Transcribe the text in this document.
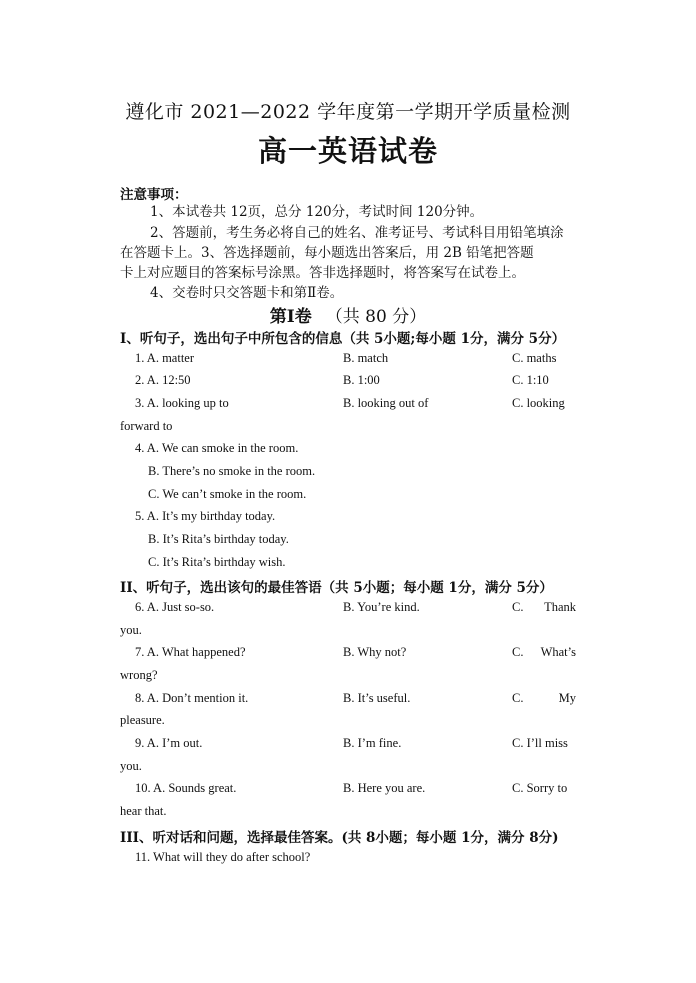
遵化市 2021—2022 学年度第一学期开学质量检测
高一英语试卷
注意事项：
1、本试卷共 12页，总分 120分，考试时间 120分钟。
2、答题前，考生务必将自己的姓名、准考证号、考试科目用铅笔填涂
在答题卡上。3、答选择题前，每小题选出答案后，用 2B 铅笔把答题
卡上对应题目的答案标号涂黑。答非选择题时，将答案写在试卷上。
4、交卷时只交答题卡和第Ⅱ卷。
第Ⅰ卷 （共 80 分）
I、听句子，选出句子中所包含的信息（共 5小题;每小题 1分，满分 5分）
1. A. matter	B. match	C. maths
2. A. 12:50	B. 1:00	C. 1:10
3. A. looking up to	B. looking out of	C. looking
forward to
4. A. We can smoke in the room.
B. There’s no smoke in the room.
C. We can’t smoke in the room.
5. A. It’s my birthday today.
B. It’s Rita’s birthday today.
C. It’s Rita’s birthday wish.
II、听句子，选出该句的最佳答语（共 5小题；每小题 1分，满分 5分）
6. A. Just so-so.	B. You’re kind.	C. Thank
you.
7. A. What happened?	B. Why not?	C. What’s
wrong?
8. A. Don’t mention it.	B. It’s useful.	C.	My
pleasure.
9. A. I’m out.	B. I’m fine.	C. I’ll miss
you.
10. A. Sounds great.	B. Here you are.	C. Sorry to
hear that.
III、听对话和问题，选择最佳答案。(共 8小题；每小题 1分，满分 8分)
11. What will they do after school?
